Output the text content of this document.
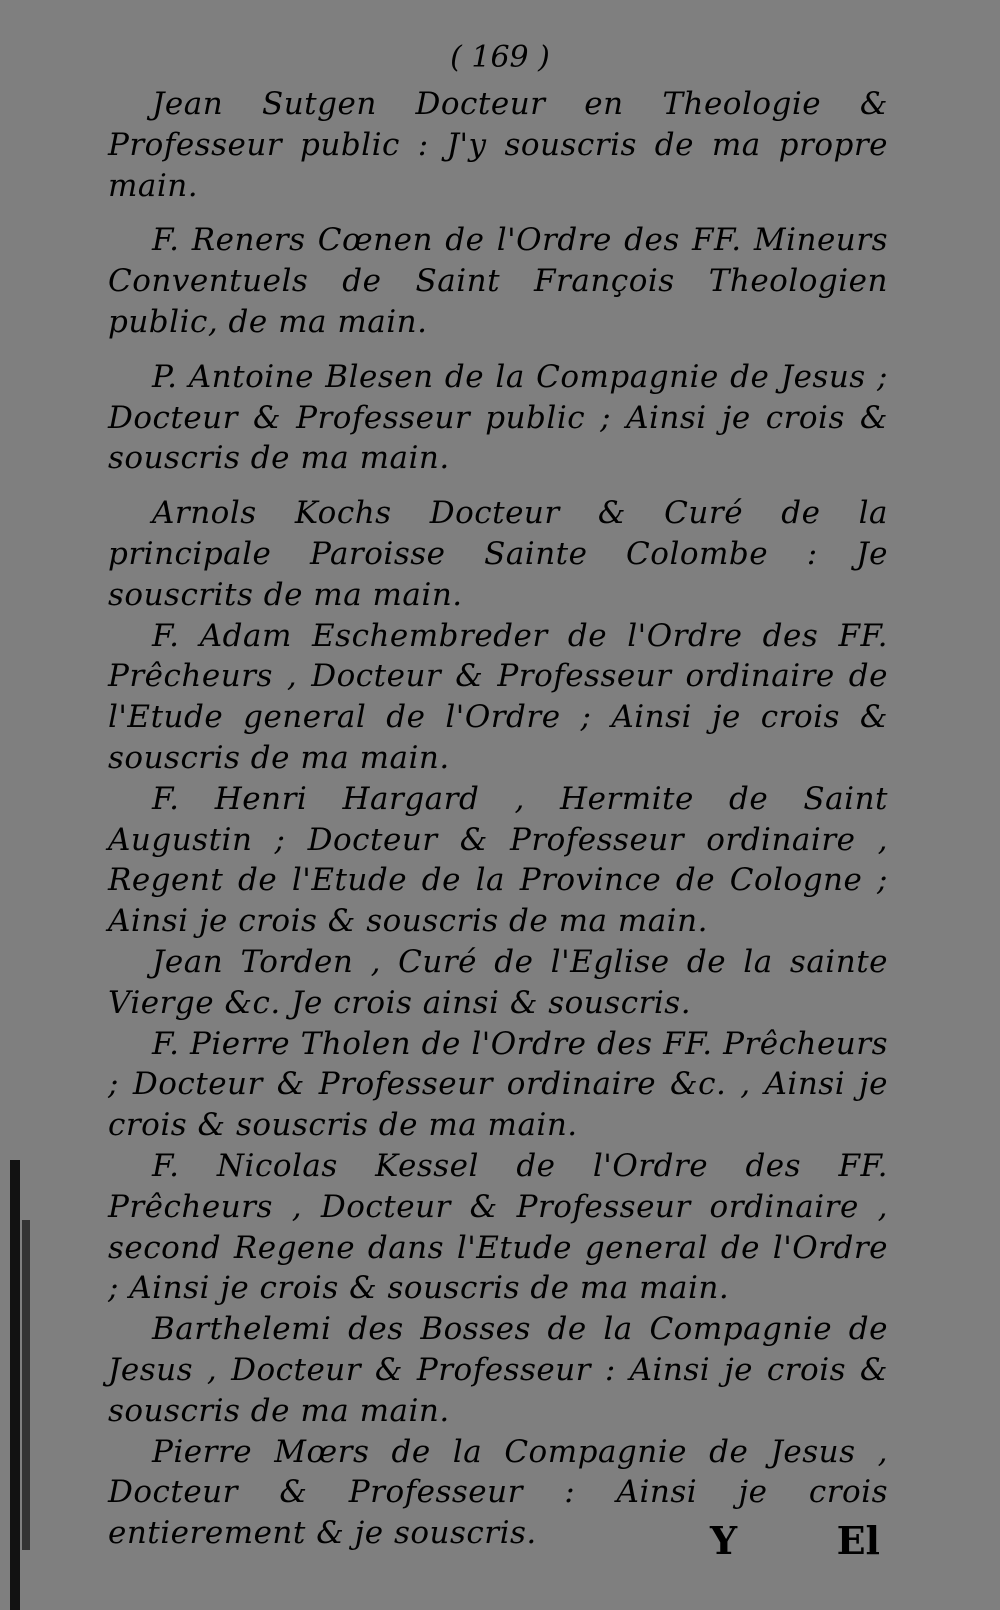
( 169 )

Jean Sutgen Docteur en Theologie & Professeur public : J'y souscris de ma propre main.

F. Reners Cœnen de l'Ordre des FF. Mineurs Conventuels de Saint François Theologien public, de ma main.

P. Antoine Blesen de la Compagnie de Jesus ; Docteur & Professeur public ; Ainsi je crois & souscris de ma main.

Arnols Kochs Docteur & Curé de la principale Paroisse Sainte Colombe : Je souscrits de ma main.

F. Adam Eschembreder de l'Ordre des FF. Prêcheurs , Docteur & Professeur ordinaire de l'Etude general de l'Ordre ; Ainsi je crois & souscris de ma main.

F. Henri Hargard , Hermite de Saint Augustin ; Docteur & Professeur ordinaire , Regent de l'Etude de la Province de Cologne ; Ainsi je crois & souscris de ma main.

Jean Torden , Curé de l'Eglise de la sainte Vierge &c. Je crois ainsi & souscris.

F. Pierre Tholen de l'Ordre des FF. Prêcheurs ; Docteur & Professeur ordinaire &c. , Ainsi je crois & souscris de ma main.

F. Nicolas Kessel de l'Ordre des FF. Prêcheurs , Docteur & Professeur ordinaire , second Regene dans l'Etude general de l'Ordre ; Ainsi je crois & souscris de ma main.

Barthelemi des Bosses de la Compagnie de Jesus , Docteur & Professeur : Ainsi je crois & souscris de ma main.

Pierre Mœrs de la Compagnie de Jesus , Docteur & Professeur : Ainsi je crois entierement & je souscris.	Y	El
